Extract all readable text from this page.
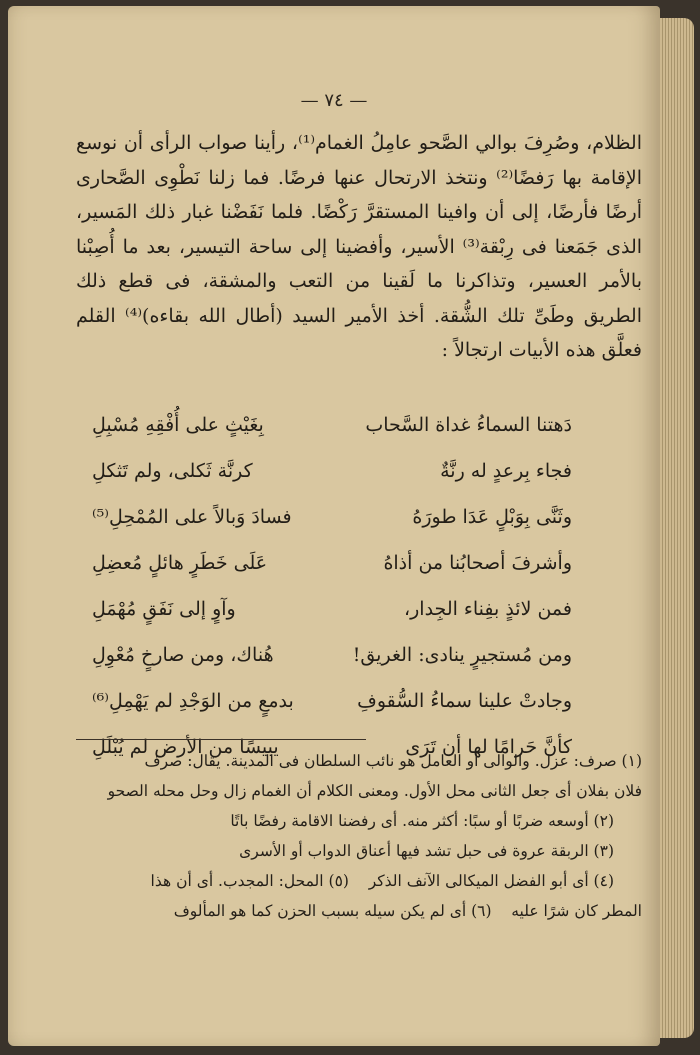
— ٧٤ —

الظلام، وصُرِفَ بوالي الصَّحو عامِلُ الغمام⁽¹⁾، رأينا صواب الرأى أن نوسع الإقامة بها رَفضًا⁽²⁾ ونتخذ الارتحال عنها فرضًا. فما زلنا نَطْوِى الصَّحارى أرضًا فأرضًا، إلى أن وافينا المستقرَّ رَكْضًا. فلما نَفَضْنا غبار ذلك المَسير، الذى جَمَعنا فى رِبْقة⁽³⁾ الأسير، وأفضينا إلى ساحة التيسير، بعد ما أُصِبْنا بالأمر العسير، وتذاكرنا ما لَقينا من التعب والمشقة، فى قطع ذلك الطريق وطَىِّ تلك الشُّقة. أخذ الأمير السيد (أطال الله بقاءه)⁽⁴⁾ القلم فعلَّق هذه الأبيات ارتجالاً :

دَهتنا السماءُ غداة السَّحاب
بِغَيْثٍ على أُفْقِهِ مُسْبِلِ
فجاء بِرعدٍ له رنَّةٌ
كرنَّة ثَكلى، ولم تَثكلِ
وثَنَّى بِوَبْلٍ عَدَا طورَهُ
فسادَ وَبالاً على المُمْحِلِ⁽⁵⁾
وأشرفَ أصحابُنا من أذاهُ
عَلَى خَطَرٍ هائلٍ مُعضِلِ
فمن لائذٍ بفِناء الجِدار،
وآوٍ إلى نَفَقٍ مُهْمَلِ
ومن مُستجيرٍ ينادى: الغريق!
هُناك، ومن صارخٍ مُعْوِلِ
وجادتْ علينا سماءُ السُّقوفِ
بدمعٍ من الوَجْدِ لم يَهْمِلِ⁽⁶⁾
كأنَّ حَرامًا لها أن تَرَى
يبيسًا من الأرض لم يُبْلَلِ

(١) صرف: عزل. والوالى أو العامل هو نائب السلطان فى المدينة. يقال: صرف

فلان بفلان أى جعل الثانى محل الأول. ومعنى الكلام أن الغمام زال وحل محله الصحو

(٢) أوسعه ضربًا أو سبًا: أكثر منه. أى رفضنا الاقامة رفضًا باتًا

(٣) الربقة عروة فى حبل تشد فيها أعناق الدواب أو الأسرى

(٤) أى أبو الفضل الميكالى الآنف الذكر    (٥) المحل: المجدب. أى أن هذا

المطر كان شرًا عليه    (٦) أى لم يكن سيله بسبب الحزن كما هو المألوف
